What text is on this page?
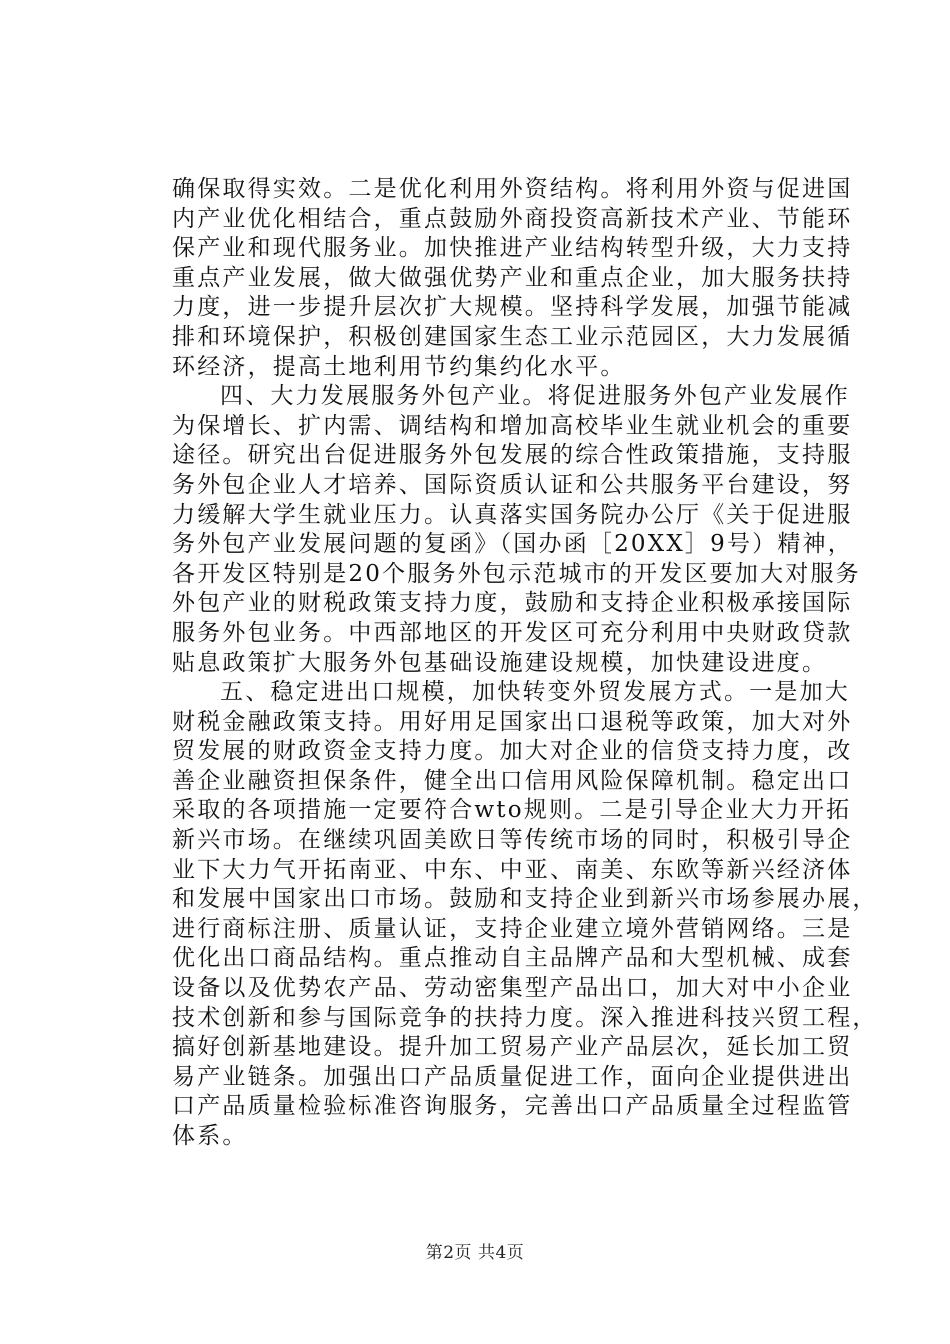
确保取得实效。二是优化利用外资结构。将利用外资与促进国
内产业优化相结合，重点鼓励外商投资高新技术产业、节能环
保产业和现代服务业。加快推进产业结构转型升级，大力支持
重点产业发展，做大做强优势产业和重点企业，加大服务扶持
力度，进一步提升层次扩大规模。坚持科学发展，加强节能减
排和环境保护，积极创建国家生态工业示范园区，大力发展循
环经济，提高土地利用节约集约化水平。
四、大力发展服务外包产业。将促进服务外包产业发展作
为保增长、扩内需、调结构和增加高校毕业生就业机会的重要
途径。研究出台促进服务外包发展的综合性政策措施，支持服
务外包企业人才培养、国际资质认证和公共服务平台建设，努
力缓解大学生就业压力。认真落实国务院办公厅《关于促进服
务外包产业发展问题的复函》（国办函［20XX］9号）精神，
各开发区特别是20个服务外包示范城市的开发区要加大对服务
外包产业的财税政策支持力度，鼓励和支持企业积极承接国际
服务外包业务。中西部地区的开发区可充分利用中央财政贷款
贴息政策扩大服务外包基础设施建设规模，加快建设进度。
五、稳定进出口规模，加快转变外贸发展方式。一是加大
财税金融政策支持。用好用足国家出口退税等政策，加大对外
贸发展的财政资金支持力度。加大对企业的信贷支持力度，改
善企业融资担保条件，健全出口信用风险保障机制。稳定出口
采取的各项措施一定要符合wto规则。二是引导企业大力开拓
新兴市场。在继续巩固美欧日等传统市场的同时，积极引导企
业下大力气开拓南亚、中东、中亚、南美、东欧等新兴经济体
和发展中国家出口市场。鼓励和支持企业到新兴市场参展办展，
进行商标注册、质量认证，支持企业建立境外营销网络。三是
优化出口商品结构。重点推动自主品牌产品和大型机械、成套
设备以及优势农产品、劳动密集型产品出口，加大对中小企业
技术创新和参与国际竞争的扶持力度。深入推进科技兴贸工程，
搞好创新基地建设。提升加工贸易产业产品层次，延长加工贸
易产业链条。加强出口产品质量促进工作，面向企业提供进出
口产品质量检验标准咨询服务，完善出口产品质量全过程监管
体系。
第2页 共4页
